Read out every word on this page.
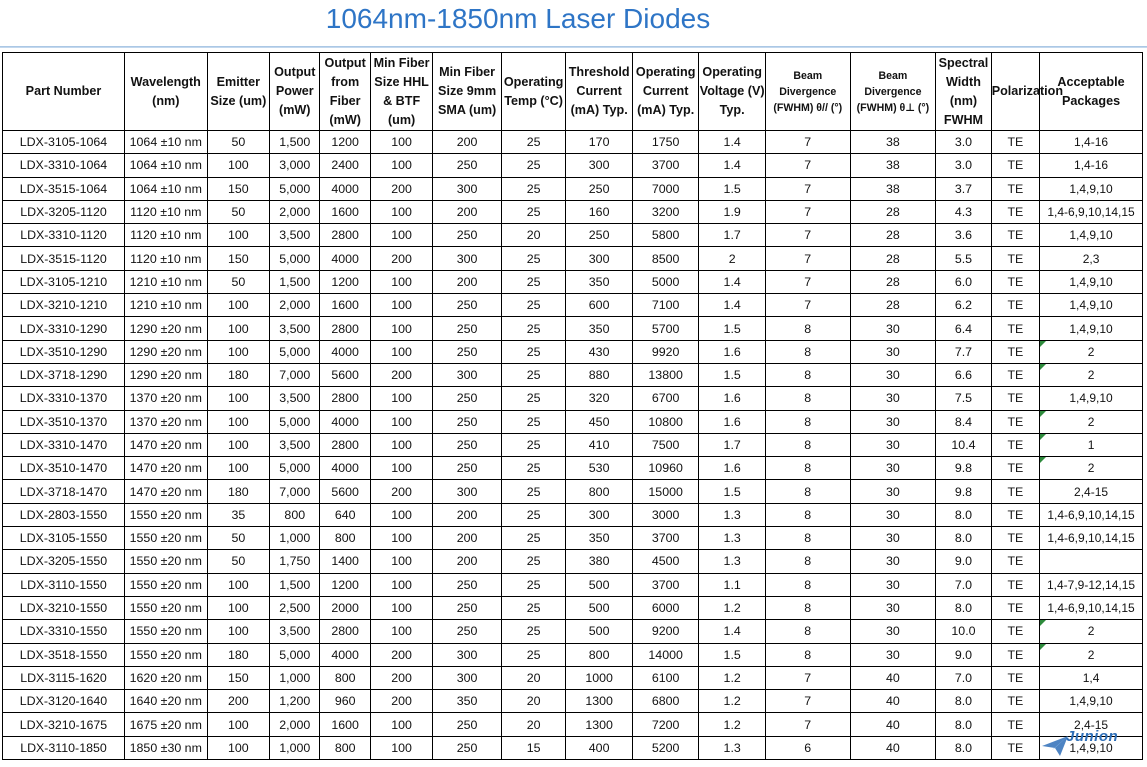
1064nm-1850nm Laser Diodes
Part Number	Wavelength (nm)	Emitter Size (um)	Output Power (mW)	Output from Fiber (mW)	Min Fiber Size HHL & BTF (um)	Min Fiber Size 9mm SMA (um)	Operating Temp (°C)	Threshold Current (mA) Typ.	Operating Current (mA) Typ.	Operating Voltage (V) Typ.	Beam Divergence (FWHM) θ// (°)	Beam Divergence (FWHM) θ⊥ (°)	Spectral Width (nm) FWHM	Polarization	Acceptable Packages
LDX-3105-1064	1064 ±10 nm	50	1,500	1200	100	200	25	170	1750	1.4	7	38	3.0	TE	1,4-16
LDX-3310-1064	1064 ±10 nm	100	3,000	2400	100	250	25	300	3700	1.4	7	38	3.0	TE	1,4-16
LDX-3515-1064	1064 ±10 nm	150	5,000	4000	200	300	25	250	7000	1.5	7	38	3.7	TE	1,4,9,10
LDX-3205-1120	1120 ±10 nm	50	2,000	1600	100	200	25	160	3200	1.9	7	28	4.3	TE	1,4-6,9,10,14,15
LDX-3310-1120	1120 ±10 nm	100	3,500	2800	100	250	20	250	5800	1.7	7	28	3.6	TE	1,4,9,10
LDX-3515-1120	1120 ±10 nm	150	5,000	4000	200	300	25	300	8500	2	7	28	5.5	TE	2,3
LDX-3105-1210	1210 ±10 nm	50	1,500	1200	100	200	25	350	5000	1.4	7	28	6.0	TE	1,4,9,10
LDX-3210-1210	1210 ±10 nm	100	2,000	1600	100	250	25	600	7100	1.4	7	28	6.2	TE	1,4,9,10
LDX-3310-1290	1290 ±20 nm	100	3,500	2800	100	250	25	350	5700	1.5	8	30	6.4	TE	1,4,9,10
LDX-3510-1290	1290 ±20 nm	100	5,000	4000	100	250	25	430	9920	1.6	8	30	7.7	TE	2
LDX-3718-1290	1290 ±20 nm	180	7,000	5600	200	300	25	880	13800	1.5	8	30	6.6	TE	2
LDX-3310-1370	1370 ±20 nm	100	3,500	2800	100	250	25	320	6700	1.6	8	30	7.5	TE	1,4,9,10
LDX-3510-1370	1370 ±20 nm	100	5,000	4000	100	250	25	450	10800	1.6	8	30	8.4	TE	2
LDX-3310-1470	1470 ±20 nm	100	3,500	2800	100	250	25	410	7500	1.7	8	30	10.4	TE	1
LDX-3510-1470	1470 ±20 nm	100	5,000	4000	100	250	25	530	10960	1.6	8	30	9.8	TE	2
LDX-3718-1470	1470 ±20 nm	180	7,000	5600	200	300	25	800	15000	1.5	8	30	9.8	TE	2,4-15
LDX-2803-1550	1550 ±20 nm	35	800	640	100	200	25	300	3000	1.3	8	30	8.0	TE	1,4-6,9,10,14,15
LDX-3105-1550	1550 ±20 nm	50	1,000	800	100	200	25	350	3700	1.3	8	30	8.0	TE	1,4-6,9,10,14,15
LDX-3205-1550	1550 ±20 nm	50	1,750	1400	100	200	25	380	4500	1.3	8	30	9.0	TE	
LDX-3110-1550	1550 ±20 nm	100	1,500	1200	100	250	25	500	3700	1.1	8	30	7.0	TE	1,4-7,9-12,14,15
LDX-3210-1550	1550 ±20 nm	100	2,500	2000	100	250	25	500	6000	1.2	8	30	8.0	TE	1,4-6,9,10,14,15
LDX-3310-1550	1550 ±20 nm	100	3,500	2800	100	250	25	500	9200	1.4	8	30	10.0	TE	2
LDX-3518-1550	1550 ±20 nm	180	5,000	4000	200	300	25	800	14000	1.5	8	30	9.0	TE	2
LDX-3115-1620	1620 ±20 nm	150	1,000	800	200	300	20	1000	6100	1.2	7	40	7.0	TE	1,4
LDX-3120-1640	1640 ±20 nm	200	1,200	960	200	350	20	1300	6800	1.2	7	40	8.0	TE	1,4,9,10
LDX-3210-1675	1675 ±20 nm	100	2,000	1600	100	250	20	1300	7200	1.2	7	40	8.0	TE	2,4-15
LDX-3110-1850	1850 ±30 nm	100	1,000	800	100	250	15	400	5200	1.3	6	40	8.0	TE	1,4,9,10
Junion
